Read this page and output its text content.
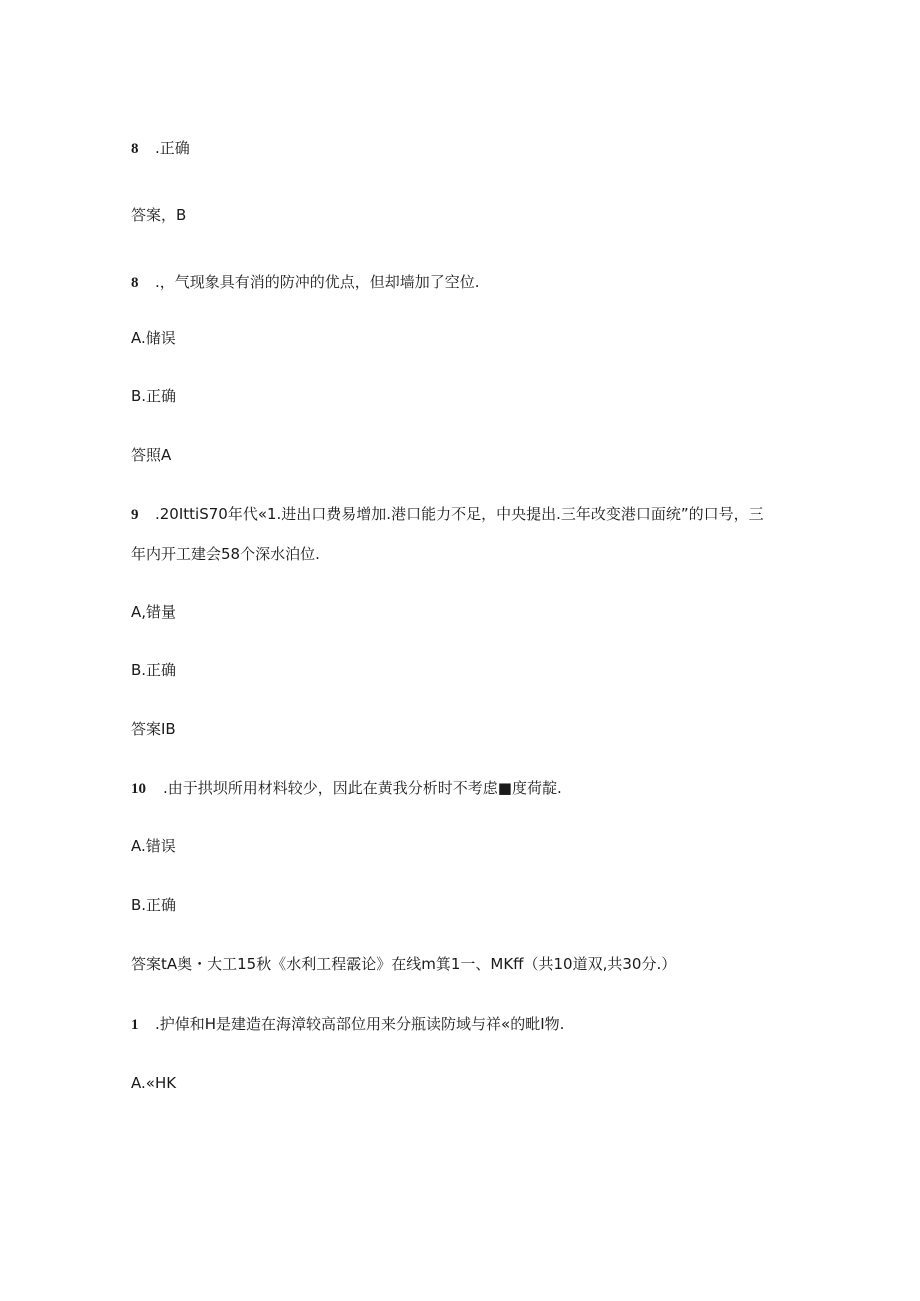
8 .正确
答案，B
8 .，气现象具有消的防冲的优点，但却墙加了空位.
A.储误
B.正确
答照A
9 .20IttiS70年代«1.进出口费易增加.港口能力不足，中央提出.三年改变港口面统”的口号，三
年内开工建会58个深水泊位.
A,错量
B.正确
答案IB
10 .由于拱坝所用材料较少，因此在黄我分析时不考虑■度荷靛.
A.错误
B.正确
答案tA奥・大工15秋《水利工程霰论》在线m箕1一、MKff（共10道双,共30分.）
1 .护倬和H是建造在海漳较高部位用来分瓶读防域与祥«的毗I物.
A.«HK
